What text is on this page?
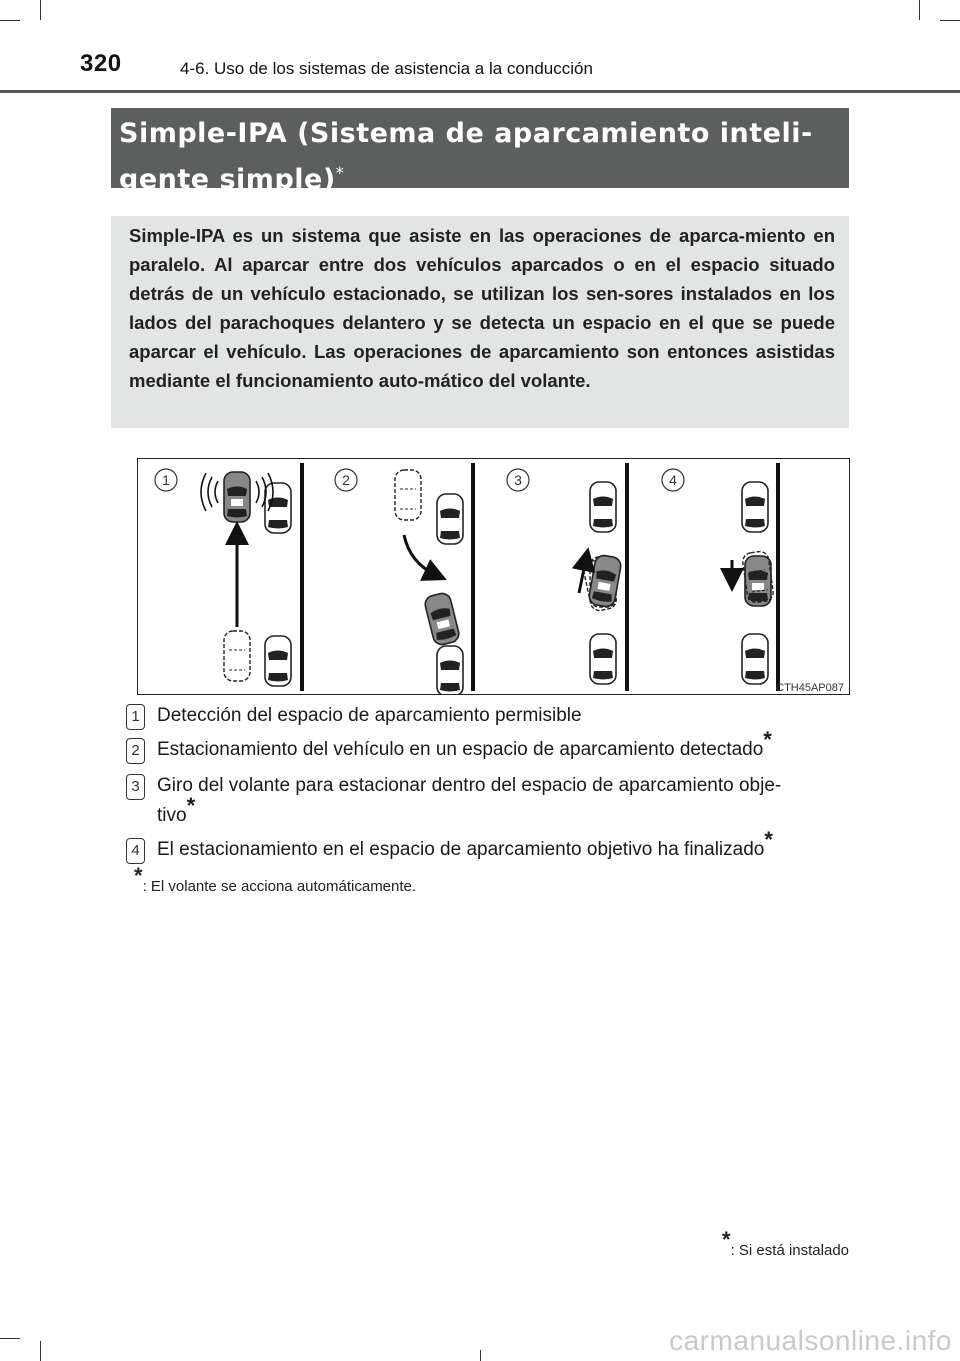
320	4-6. Uso de los sistemas de asistencia a la conducción
Simple-IPA (Sistema de aparcamiento inteli-
gente simple)*

Simple-IPA es un sistema que asiste en las operaciones de aparca-miento en paralelo. Al aparcar entre dos vehículos aparcados o en el espacio situado detrás de un vehículo estacionado, se utilizan los sen-sores instalados en los lados del parachoques delantero y se detecta un espacio en el que se puede aparcar el vehículo. Las operaciones de aparcamiento son entonces asistidas mediante el funcionamiento auto-mático del volante.

1	2	3	4
CTH45AP087
1 Detección del espacio de aparcamiento permisible
2 Estacionamiento del vehículo en un espacio de aparcamiento detectado*
3 Giro del volante para estacionar dentro del espacio de aparcamiento obje-
tivo*
4 El estacionamiento en el espacio de aparcamiento objetivo ha finalizado*
*: El volante se acciona automáticamente.
*: Si está instalado
carmanualsonline.info
